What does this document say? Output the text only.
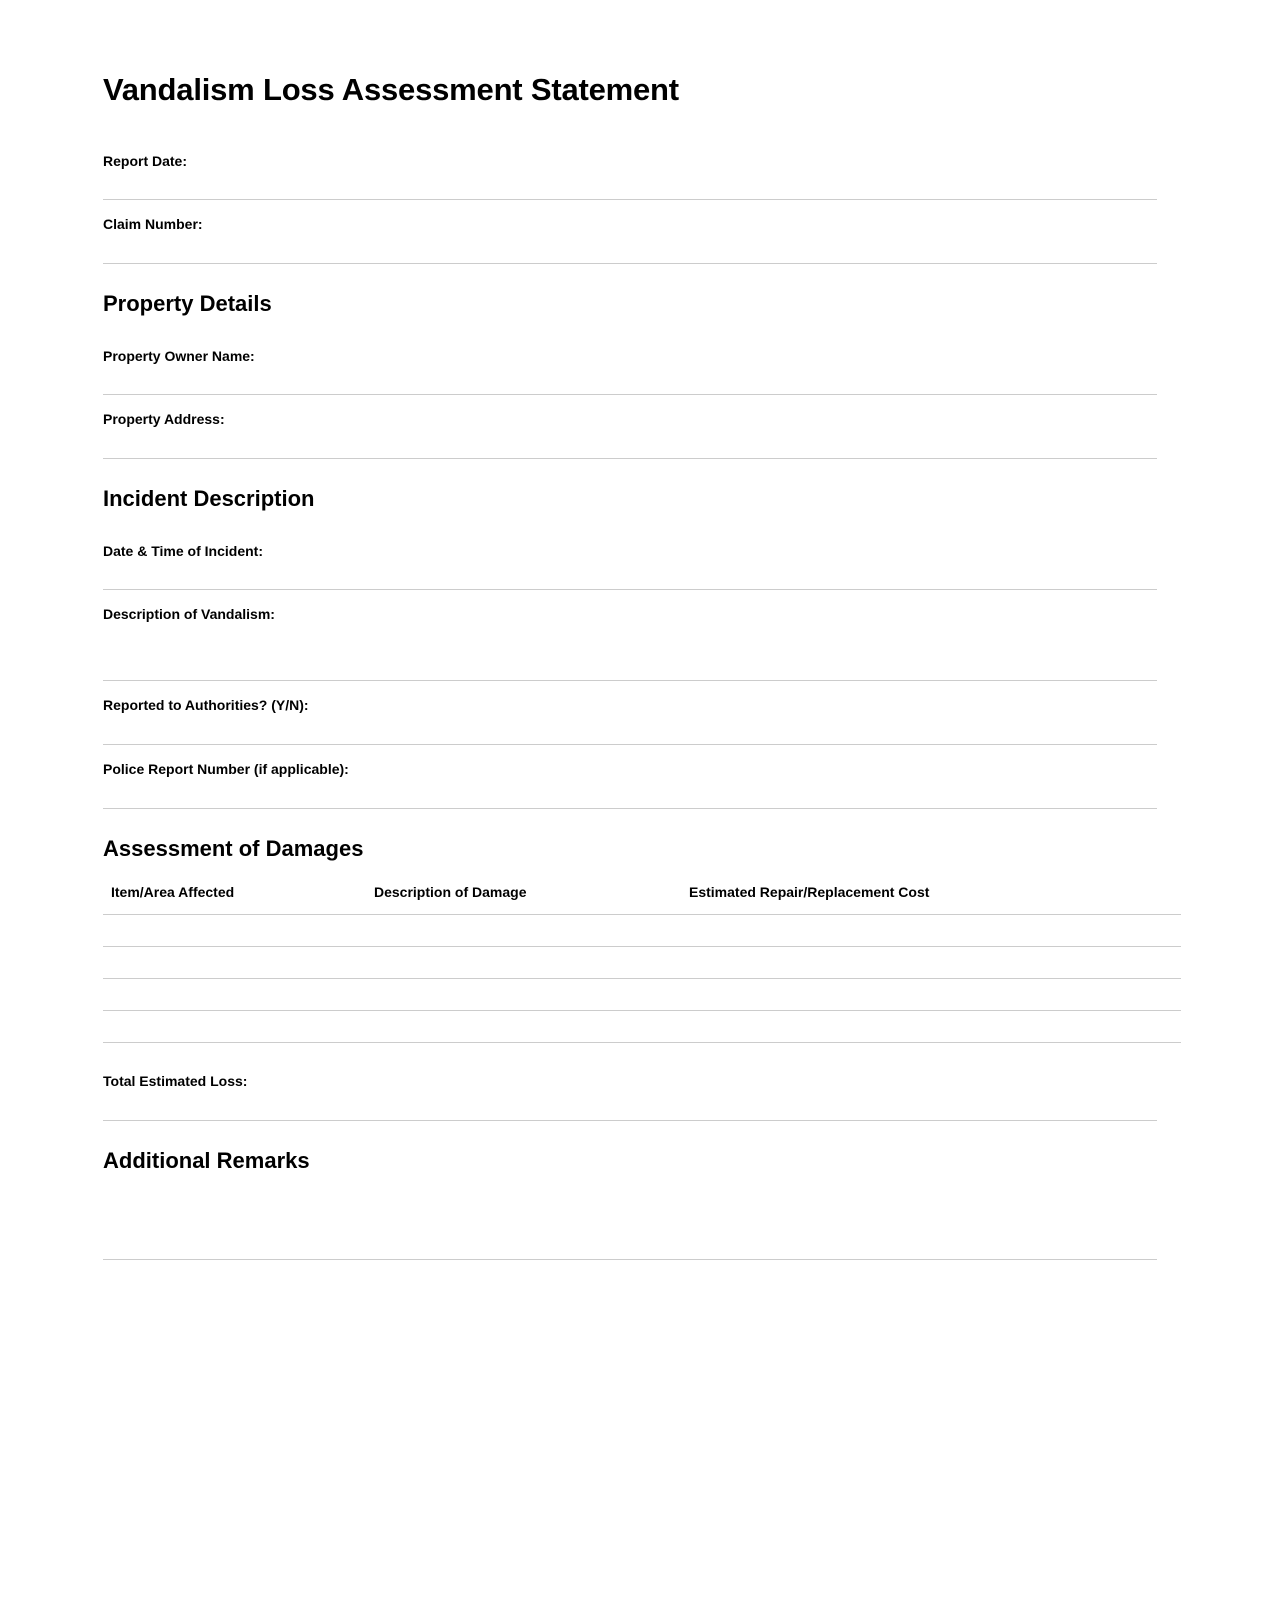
Vandalism Loss Assessment Statement
Report Date:
Claim Number:
Property Details
Property Owner Name:
Property Address:
Incident Description
Date & Time of Incident:
Description of Vandalism:
Reported to Authorities? (Y/N):
Police Report Number (if applicable):
Assessment of Damages
Item/Area Affected	Description of Damage	Estimated Repair/Replacement Cost

Total Estimated Loss:
Additional Remarks
